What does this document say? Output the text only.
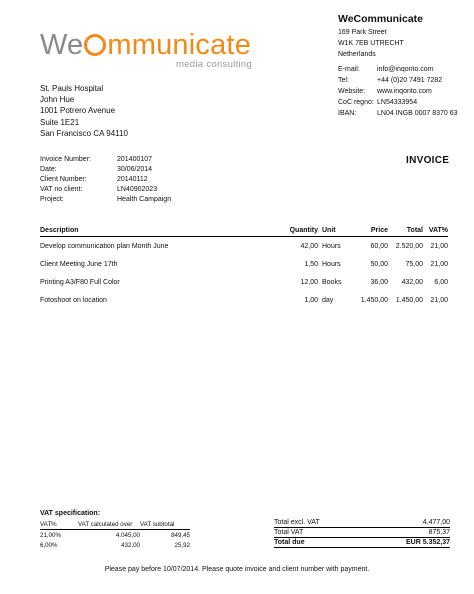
We mmunicate
media consulting
WeCommunicate
169 Park Street
W1K 7EB UTRECHT
Netherlands
E-mail:	info@inqonto.com
Tel:	+44 (0)20 7491 7282
Website:	www.inqonto.com
CoC regno: LN54333954
IBAN:	LN04 INGB 0007 8370 63
St. Pauls Hospital
John Hue
1001 Potrero Avenue
Suite 1E21
San Francisco CA 94110
Invoice Number:	201400107
Date:	30/06/2014
Client Number:	20140112
VAT no client:	LN40902023
Project:	Health Campaign
INVOICE
Description	Quantity	Unit	Price	Total	VAT%
Develop communication plan Month June	42,00	Hours	60,00	2.520,00	21,00
Client Meeting June 17th	1,50	Hours	50,00	75,00	21,00
Printing A3/F80 Full Color	12,00	Books	36,00	432,00	6,00
Fotoshoot on location	1,00	day	1.450,00	1.450,00	21,00
VAT specification:
VAT%	VAT calculated over	VAT subtotal
21,00%	4.045,00	849,45
6,00%	432,00	25,92
Total excl. VAT	4.477,00
Total VAT	875,37
Total due	EUR 5.352,37
Please pay before 10/07/2014. Please quote invoice and client number with payment.
